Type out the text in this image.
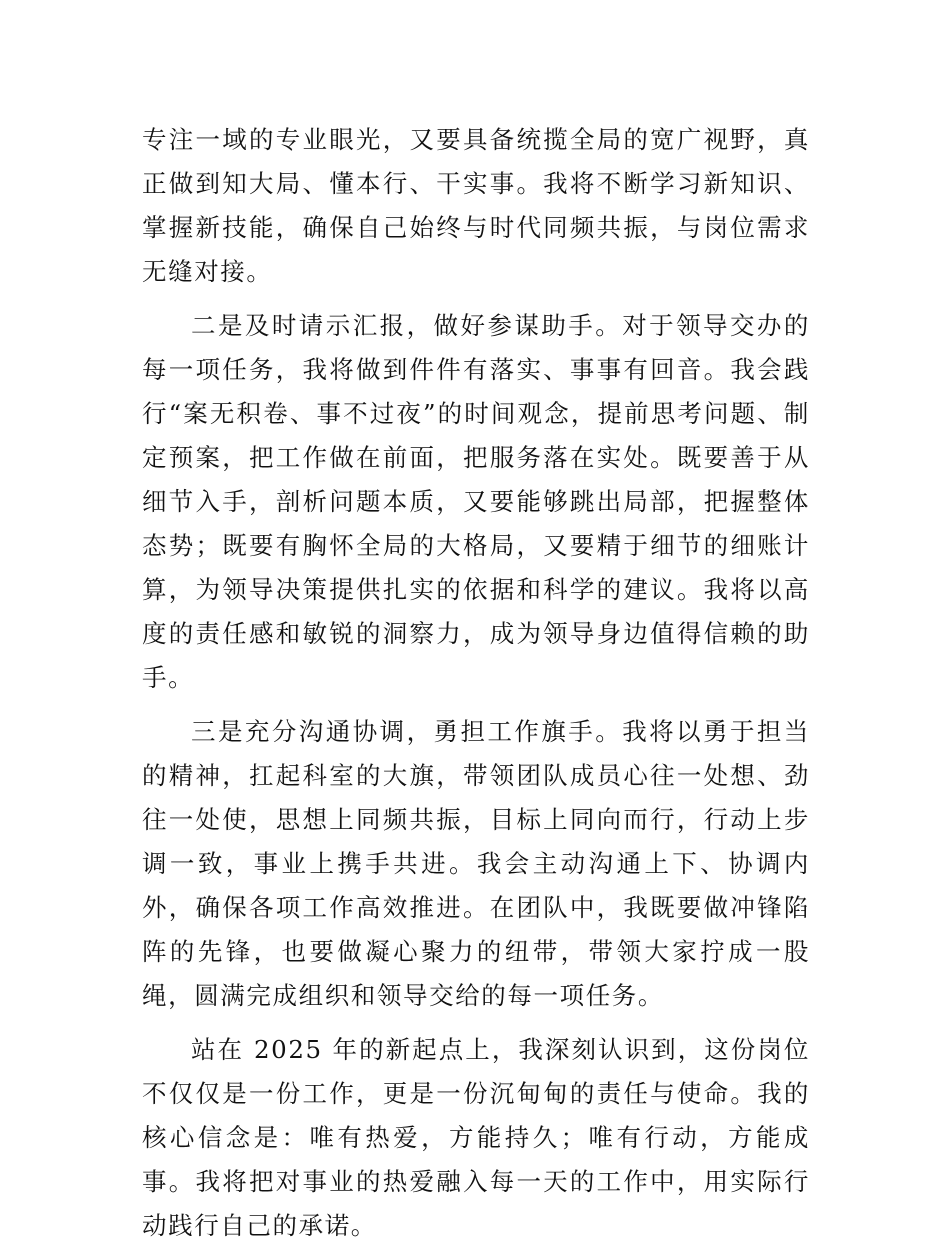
专注一域的专业眼光，又要具备统揽全局的宽广视野，真正做到知大局、懂本行、干实事。我将不断学习新知识、掌握新技能，确保自己始终与时代同频共振，与岗位需求无缝对接。

二是及时请示汇报，做好参谋助手。对于领导交办的每一项任务，我将做到件件有落实、事事有回音。我会践行“案无积卷、事不过夜”的时间观念，提前思考问题、制定预案，把工作做在前面，把服务落在实处。既要善于从细节入手，剖析问题本质，又要能够跳出局部，把握整体态势；既要有胸怀全局的大格局，又要精于细节的细账计算，为领导决策提供扎实的依据和科学的建议。我将以高度的责任感和敏锐的洞察力，成为领导身边值得信赖的助手。

三是充分沟通协调，勇担工作旗手。我将以勇于担当的精神，扛起科室的大旗，带领团队成员心往一处想、劲往一处使，思想上同频共振，目标上同向而行，行动上步调一致，事业上携手共进。我会主动沟通上下、协调内外，确保各项工作高效推进。在团队中，我既要做冲锋陷阵的先锋，也要做凝心聚力的纽带，带领大家拧成一股绳，圆满完成组织和领导交给的每一项任务。

站在 2025 年的新起点上，我深刻认识到，这份岗位不仅仅是一份工作，更是一份沉甸甸的责任与使命。我的核心信念是：唯有热爱，方能持久；唯有行动，方能成事。我将把对事业的热爱融入每一天的工作中，用实际行动践行自己的承诺。
